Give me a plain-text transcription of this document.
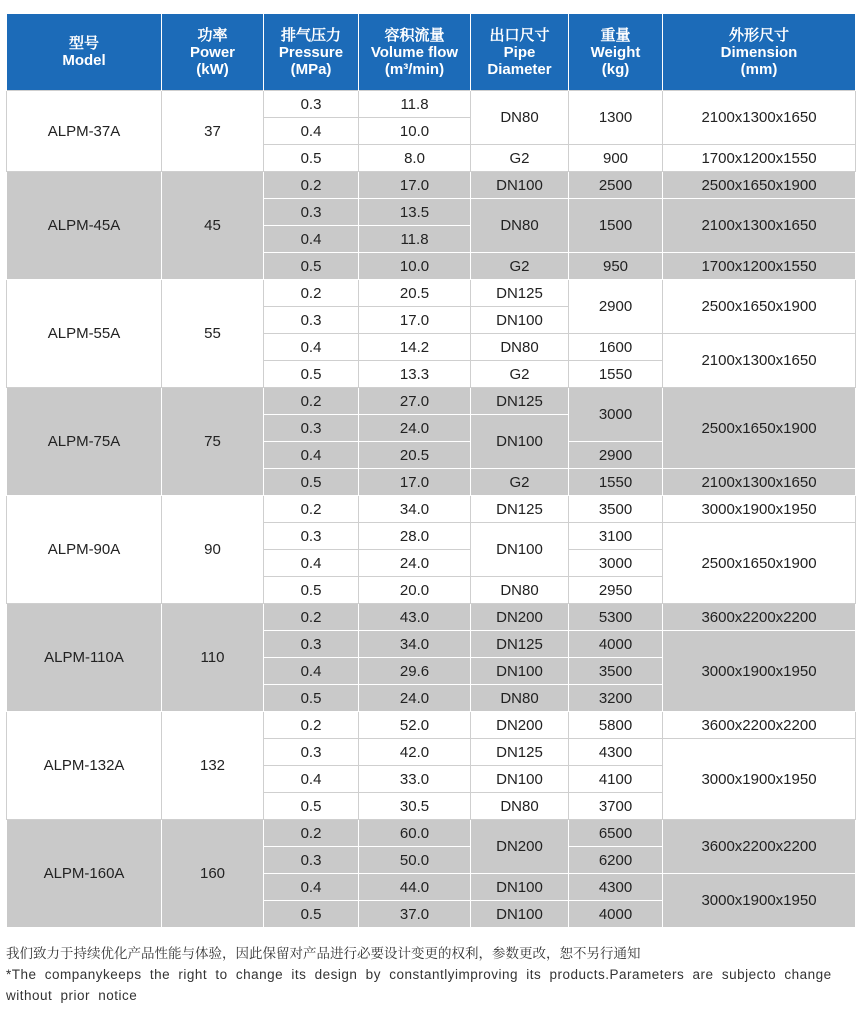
型号
Model	功率
Power
(kW)	排气压力
Pressure
(MPa)	容积流量
Volume flow
(m³/min)	出口尺寸
Pipe
Diameter	重量
Weight
(kg)	外形尺寸
Dimension
(mm)

ALPM-37A	37	0.3	11.8	DN80	1300	2100x1300x1650
		0.4	10.0			
		0.5	8.0	G2	900	1700x1200x1550
ALPM-45A	45	0.2	17.0	DN100	2500	2500x1650x1900
		0.3	13.5	DN80	1500	2100x1300x1650
		0.4	11.8			
		0.5	10.0	G2	950	1700x1200x1550
ALPM-55A	55	0.2	20.5	DN125	2900	2500x1650x1900
		0.3	17.0	DN100		
		0.4	14.2	DN80	1600	2100x1300x1650
		0.5	13.3	G2	1550	
ALPM-75A	75	0.2	27.0	DN125	3000	2500x1650x1900
		0.3	24.0	DN100		
		0.4	20.5		2900	
		0.5	17.0	G2	1550	2100x1300x1650
ALPM-90A	90	0.2	34.0	DN125	3500	3000x1900x1950
		0.3	28.0	DN100	3100	2500x1650x1900
		0.4	24.0		3000	
		0.5	20.0	DN80	2950	
ALPM-110A	110	0.2	43.0	DN200	5300	3600x2200x2200
		0.3	34.0	DN125	4000	3000x1900x1950
		0.4	29.6	DN100	3500	
		0.5	24.0	DN80	3200	
ALPM-132A	132	0.2	52.0	DN200	5800	3600x2200x2200
		0.3	42.0	DN125	4300	3000x1900x1950
		0.4	33.0	DN100	4100	
		0.5	30.5	DN80	3700	
ALPM-160A	160	0.2	60.0	DN200	6500	3600x2200x2200
		0.3	50.0		6200	
		0.4	44.0	DN100	4300	3000x1900x1950
		0.5	37.0	DN100	4000	
我们致力于持续优化产品性能与体验，因此保留对产品进行必要设计变更的权利，参数更改，恕不另行通知
*The companykeeps the right to change its design by constantlyimproving its products.Parameters are subjecto change without prior notice
